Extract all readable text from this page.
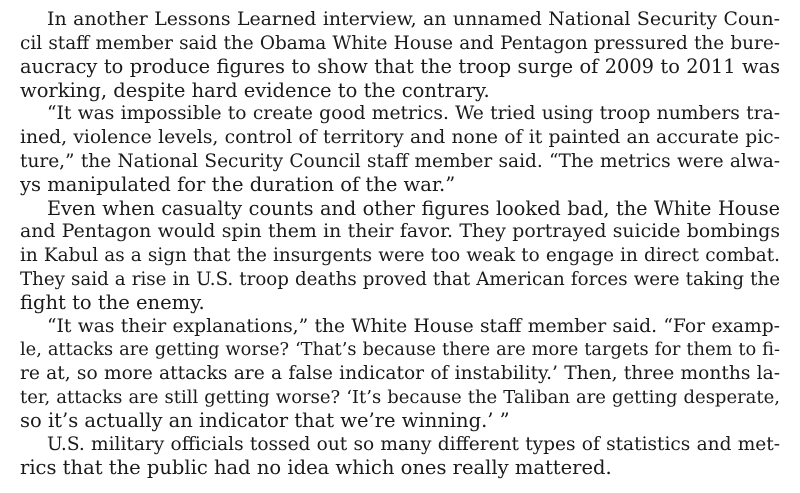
In another Lessons Learned interview, an unnamed National Security Coun-
cil staff member said the Obama White House and Pentagon pressured the bure-
aucracy to produce figures to show that the troop surge of 2009 to 2011 was
working, despite hard evidence to the contrary.
“It was impossible to create good metrics. We tried using troop numbers tra-
ined, violence levels, control of territory and none of it painted an accurate pic-
ture,” the National Security Council staff member said. “The metrics were alwa-
ys manipulated for the duration of the war.”
Even when casualty counts and other figures looked bad, the White House
and Pentagon would spin them in their favor. They portrayed suicide bombings
in Kabul as a sign that the insurgents were too weak to engage in direct combat.
They said a rise in U.S. troop deaths proved that American forces were taking the
fight to the enemy.
“It was their explanations,” the White House staff member said. “For examp-
le, attacks are getting worse? ‘That’s because there are more targets for them to fi-
re at, so more attacks are a false indicator of instability.’ Then, three months la-
ter, attacks are still getting worse? ‘It’s because the Taliban are getting desperate,
so it’s actually an indicator that we’re winning.’ ”
U.S. military officials tossed out so many different types of statistics and met-
rics that the public had no idea which ones really mattered.
